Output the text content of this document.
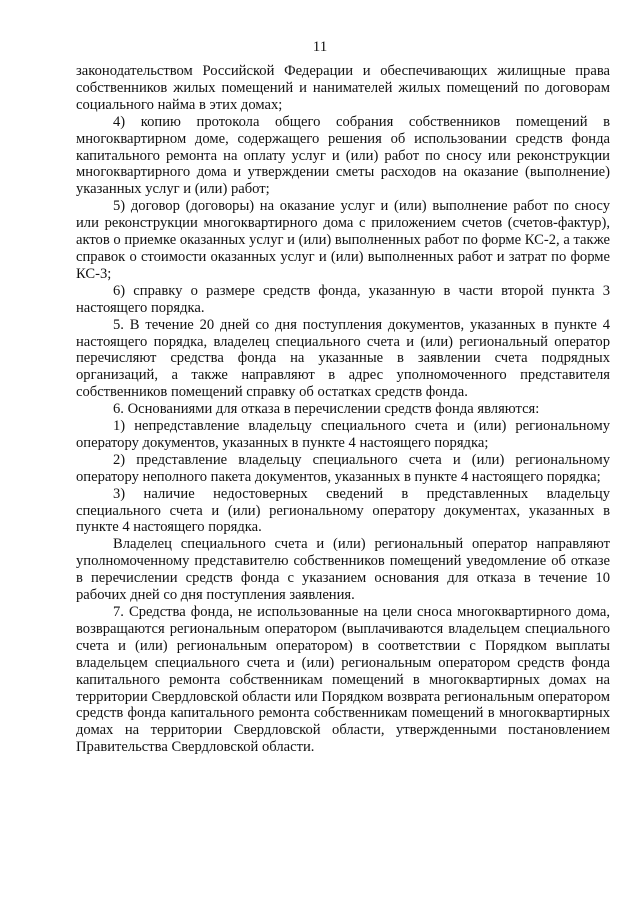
11

законодательством Российской Федерации и обеспечивающих жилищные права собственников жилых помещений и нанимателей жилых помещений по договорам социального найма в этих домах;

4) копию протокола общего собрания собственников помещений в многоквартирном доме, содержащего решения об использовании средств фонда капитального ремонта на оплату услуг и (или) работ по сносу или реконструкции многоквартирного дома и утверждении сметы расходов на оказание (выполнение) указанных услуг и (или) работ;

5) договор (договоры) на оказание услуг и (или) выполнение работ по сносу или реконструкции многоквартирного дома с приложением счетов (счетов-фактур), актов о приемке оказанных услуг и (или) выполненных работ по форме КС-2, а также справок о стоимости оказанных услуг и (или) выполненных работ и затрат по форме КС-3;

6) справку о размере средств фонда, указанную в части второй пункта 3 настоящего порядка.

5. В течение 20 дней со дня поступления документов, указанных в пункте 4 настоящего порядка, владелец специального счета и (или) региональный оператор перечисляют средства фонда на указанные в заявлении счета подрядных организаций, а также направляют в адрес уполномоченного представителя собственников помещений справку об остатках средств фонда.

6. Основаниями для отказа в перечислении средств фонда являются:

1) непредставление владельцу специального счета и (или) региональному оператору документов, указанных в пункте 4 настоящего порядка;

2) представление владельцу специального счета и (или) региональному оператору неполного пакета документов, указанных в пункте 4 настоящего порядка;

3) наличие недостоверных сведений в представленных владельцу специального счета и (или) региональному оператору документах, указанных в пункте 4 настоящего порядка.

Владелец специального счета и (или) региональный оператор направляют уполномоченному представителю собственников помещений уведомление об отказе в перечислении средств фонда с указанием основания для отказа в течение 10 рабочих дней со дня поступления заявления.

7. Средства фонда, не использованные на цели сноса многоквартирного дома, возвращаются региональным оператором (выплачиваются владельцем специального счета и (или) региональным оператором) в соответствии с Порядком выплаты владельцем специального счета и (или) региональным оператором средств фонда капитального ремонта собственникам помещений в многоквартирных домах на территории Свердловской области или Порядком возврата региональным оператором средств фонда капитального ремонта собственникам помещений в многоквартирных домах на территории Свердловской области, утвержденными постановлением Правительства Свердловской области.
